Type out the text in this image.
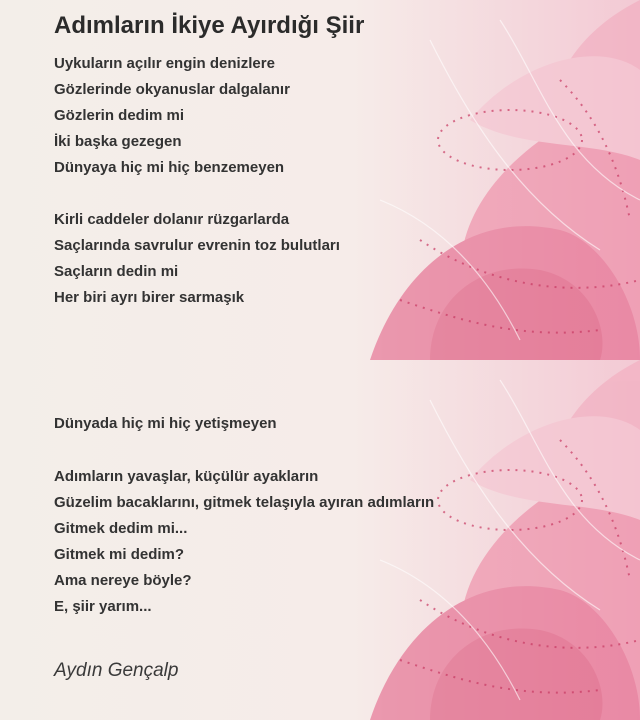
Adımların İkiye Ayırdığı Şiir
Uykuların açılır engin denizlere
Gözlerinde okyanuslar dalgalanır
Gözlerin dedim mi
İki başka gezegen
Dünyaya hiç mi hiç benzemeyen
Kirli caddeler dolanır rüzgarlarda
Saçlarında savrulur evrenin toz bulutları
Saçların dedin mi
Her biri ayrı birer sarmaşık
Dünyada hiç mi hiç yetişmeyen
Adımların yavaşlar, küçülür ayakların
Güzelim bacaklarını, gitmek telaşıyla ayıran adımların
Gitmek dedim mi...
Gitmek mi dedim?
Ama nereye böyle?
E, şiir yarım...
Aydın Gençalp
